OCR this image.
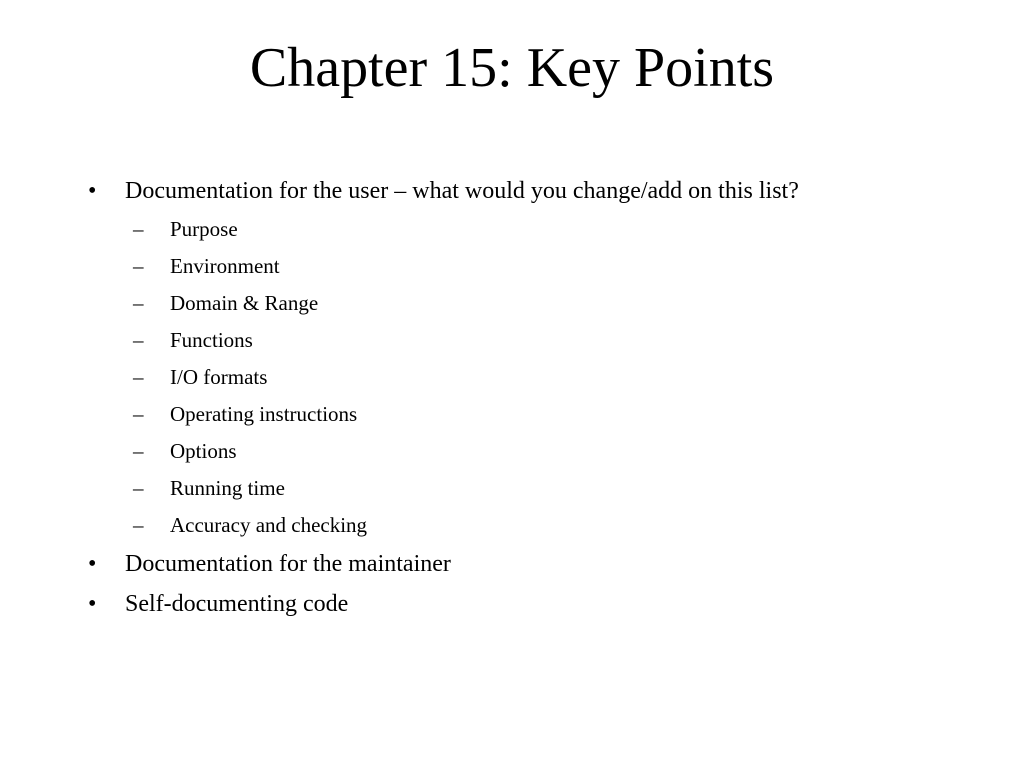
Chapter 15: Key Points
• Documentation for the user – what would you change/add on this list?
– Purpose
– Environment
– Domain & Range
– Functions
– I/O formats
– Operating instructions
– Options
– Running time
– Accuracy and checking
• Documentation for the maintainer
• Self-documenting code
